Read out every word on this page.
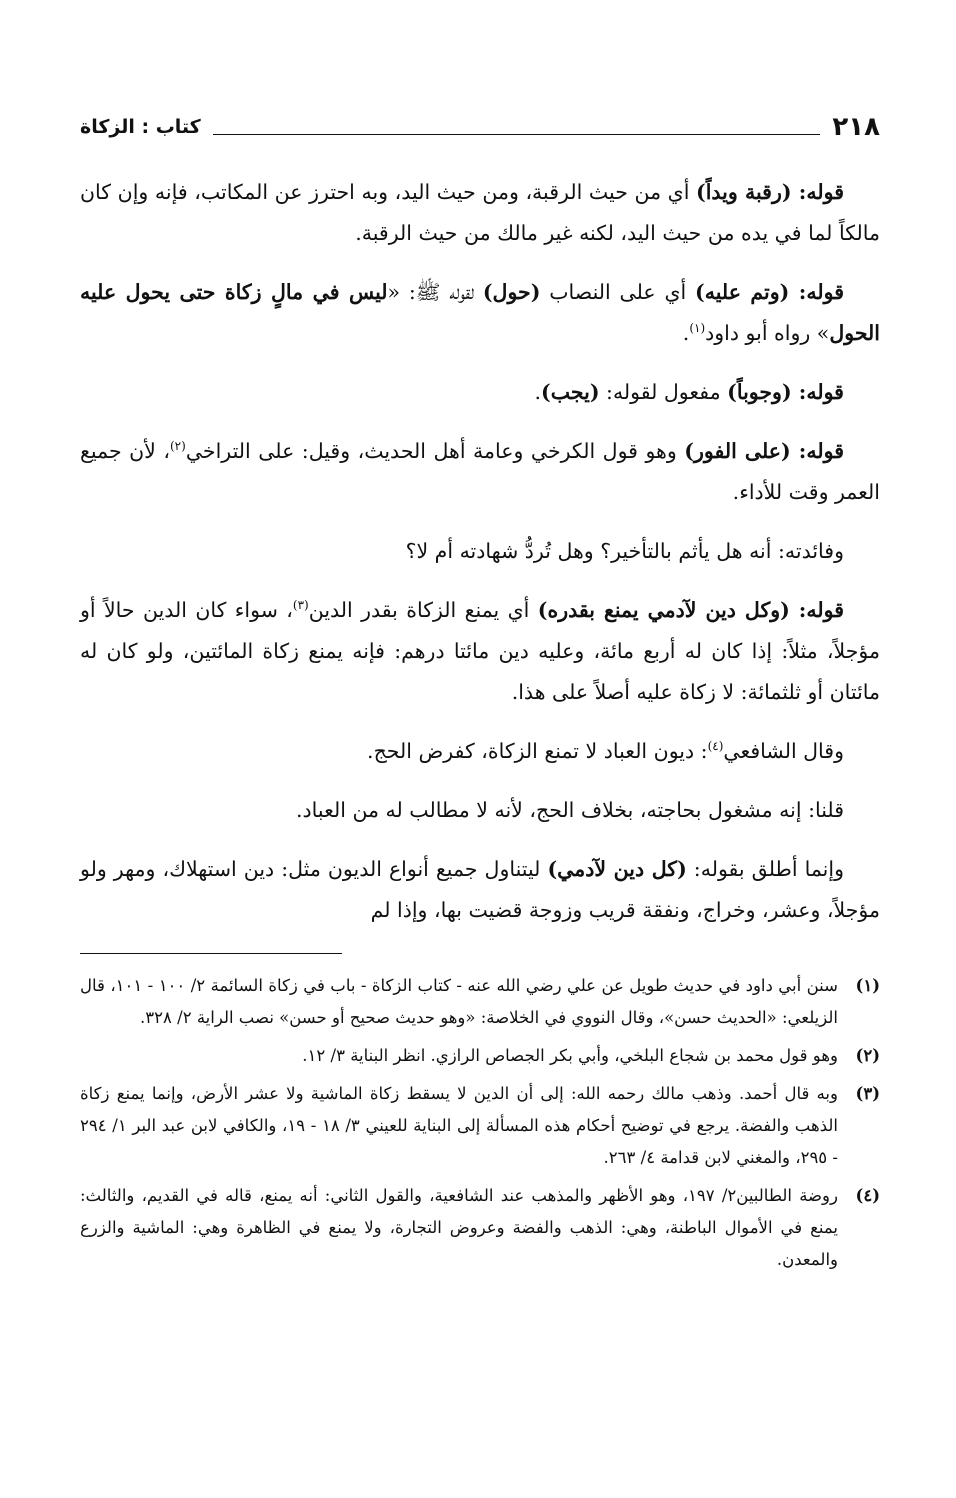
٢١٨
كتاب : الزكاة

قوله: (رقبة ويداً) أي من حيث الرقبة، ومن حيث اليد، وبه احترز عن المكاتب، فإنه وإن كان مالكاً لما في يده من حيث اليد، لكنه غير مالك من حيث الرقبة.

قوله: (وتم عليه) أي على النصاب (حول) لقوله ﷺ: «ليس في مالٍ زكاة حتى يحول عليه الحول» رواه أبو داود$^{(١)}$.

قوله: (وجوباً) مفعول لقوله: (يجب).

قوله: (على الفور) وهو قول الكرخي وعامة أهل الحديث، وقيل: على التراخي$^{(٢)}$، لأن جميع العمر وقت للأداء.

وفائدته: أنه هل يأثم بالتأخير؟ وهل تُردُّ شهادته أم لا؟

قوله: (وكل دين لآدمي يمنع بقدره) أي يمنع الزكاة بقدر الدين$^{(٣)}$، سواء كان الدين حالاً أو مؤجلاً، مثلاً: إذا كان له أربع مائة، وعليه دين مائتا درهم: فإنه يمنع زكاة المائتين، ولو كان له مائتان أو ثلثمائة: لا زكاة عليه أصلاً على هذا.

وقال الشافعي$^{(٤)}$: ديون العباد لا تمنع الزكاة، كفرض الحج.

قلنا: إنه مشغول بحاجته، بخلاف الحج، لأنه لا مطالب له من العباد.

وإنما أطلق بقوله: (كل دين لآدمي) ليتناول جميع أنواع الديون مثل: دين استهلاك، ومهر ولو مؤجلاً، وعشر، وخراج، ونفقة قريب وزوجة قضيت بها، وإذا لم

(١)
سنن أبي داود في حديث طويل عن علي رضي الله عنه - كتاب الزكاة - باب في زكاة السائمة ٢/ ١٠٠ - ١٠١، قال الزيلعي: «الحديث حسن»، وقال النووي في الخلاصة: «وهو حديث صحيح أو حسن» نصب الراية ٢/ ٣٢٨.
(٢)
وهو قول محمد بن شجاع البلخي، وأبي بكر الجصاص الرازي. انظر البناية ٣/ ١٢.
(٣)
وبه قال أحمد. وذهب مالك رحمه الله: إلى أن الدين لا يسقط زكاة الماشية ولا عشر الأرض، وإنما يمنع زكاة الذهب والفضة. يرجع في توضيح أحكام هذه المسألة إلى البناية للعيني ٣/ ١٨ - ١٩، والكافي لابن عبد البر ١/ ٢٩٤ - ٢٩٥، والمغني لابن قدامة ٤/ ٢٦٣.
(٤)
روضة الطالبين٢/ ١٩٧، وهو الأظهر والمذهب عند الشافعية، والقول الثاني: أنه يمنع، قاله في القديم، والثالث: يمنع في الأموال الباطنة، وهي: الذهب والفضة وعروض التجارة، ولا يمنع في الظاهرة وهي: الماشية والزرع والمعدن.
